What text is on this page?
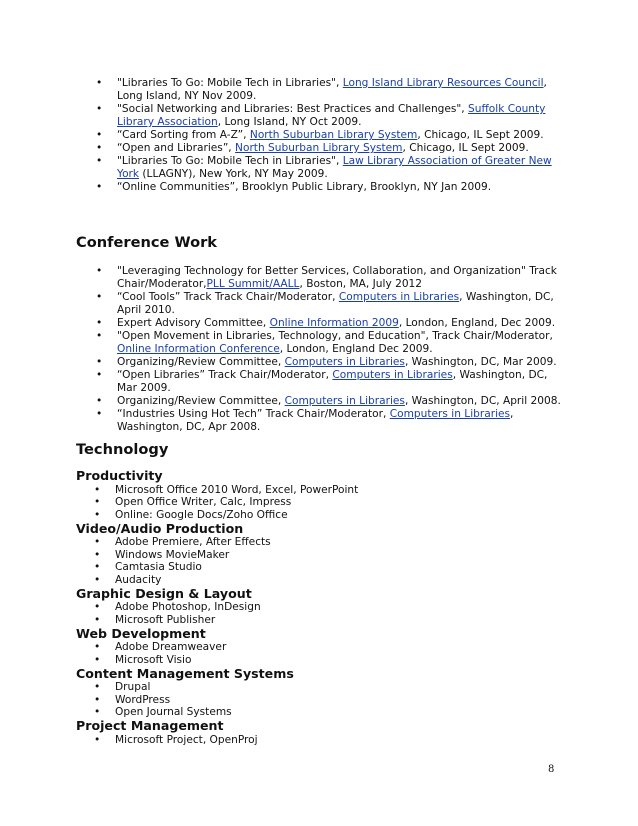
• "Libraries To Go: Mobile Tech in Libraries", Long Island Library Resources Council, Long Island, NY Nov 2009.
• "Social Networking and Libraries: Best Practices and Challenges", Suffolk County Library Association, Long Island, NY Oct 2009.
• “Card Sorting from A-Z”, North Suburban Library System, Chicago, IL Sept 2009.
• “Open and Libraries”, North Suburban Library System, Chicago, IL Sept 2009.
• "Libraries To Go: Mobile Tech in Libraries", Law Library Association of Greater New York (LLAGNY), New York, NY May 2009.
• “Online Communities”, Brooklyn Public Library, Brooklyn, NY Jan 2009.
Conference Work
• "Leveraging Technology for Better Services, Collaboration, and Organization" Track Chair/Moderator,PLL Summit/AALL, Boston, MA, July 2012
• “Cool Tools” Track Track Chair/Moderator, Computers in Libraries, Washington, DC, April 2010.
• Expert Advisory Committee, Online Information 2009, London, England, Dec 2009.
• "Open Movement in Libraries, Technology, and Education", Track Chair/Moderator, Online Information Conference, London, England Dec 2009.
• Organizing/Review Committee, Computers in Libraries, Washington, DC, Mar 2009.
• “Open Libraries” Track Chair/Moderator, Computers in Libraries, Washington, DC, Mar 2009.
• Organizing/Review Committee, Computers in Libraries, Washington, DC, April 2008.
• “Industries Using Hot Tech” Track Chair/Moderator, Computers in Libraries, Washington, DC, Apr 2008.
Technology
Productivity
• Microsoft Office 2010 Word, Excel, PowerPoint
• Open Office Writer, Calc, Impress
• Online: Google Docs/Zoho Office
Video/Audio Production
• Adobe Premiere, After Effects
• Windows MovieMaker
• Camtasia Studio
• Audacity
Graphic Design & Layout
• Adobe Photoshop, InDesign
• Microsoft Publisher
Web Development
• Adobe Dreamweaver
• Microsoft Visio
Content Management Systems
• Drupal
• WordPress
• Open Journal Systems
Project Management
• Microsoft Project, OpenProj
8
